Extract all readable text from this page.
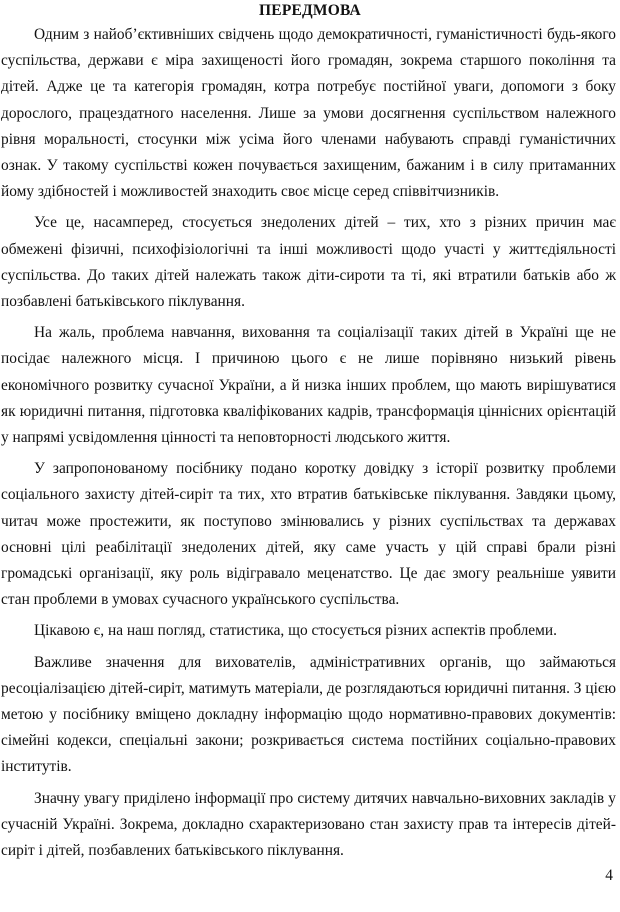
ПЕРЕДМОВА

Одним з найоб’єктивніших свідчень щодо демократичності, гуманістичності будь-якого суспільства, держави є міра захищеності його громадян, зокрема старшого покоління та дітей. Адже це та категорія громадян, котра потребує постійної уваги, допомоги з боку дорослого, працездатного населення. Лише за умови досягнення суспільством належного рівня моральності, стосунки між усіма його членами набувають справді гуманістичних ознак. У такому суспільстві кожен почувається захищеним, бажаним і в силу притаманних йому здібностей і можливостей знаходить своє місце серед співвітчизників.

Усе це, насамперед, стосується знедолених дітей – тих, хто з різних причин має обмежені фізичні, психофізіологічні та інші можливості щодо участі у життєдіяльності суспільства. До таких дітей належать також діти-сироти та ті, які втратили батьків або ж позбавлені батьківського піклування.

На жаль, проблема навчання, виховання та соціалізації таких дітей в Україні ще не посідає належного місця. І причиною цього є не лише порівняно низький рівень економічного розвитку сучасної України, а й низка інших проблем, що мають вирішуватися як юридичні питання, підготовка кваліфікованих кадрів, трансформація ціннісних орієнтацій у напрямі усвідомлення цінності та неповторності людського життя.

У запропонованому посібнику подано коротку довідку з історії розвитку проблеми соціального захисту дітей-сиріт та тих, хто втратив батьківське піклування. Завдяки цьому, читач може простежити, як поступово змінювались у різних суспільствах та державах основні цілі реабілітації знедолених дітей, яку саме участь у цій справі брали різні громадські організації, яку роль відігравало меценатство. Це дає змогу реальніше уявити стан проблеми в умовах сучасного українського суспільства.

Цікавою є, на наш погляд, статистика, що стосується різних аспектів проблеми.

Важливе значення для вихователів, адміністративних органів, що займаються ресоціалізацією дітей-сиріт, матимуть матеріали, де розглядаються юридичні питання. З цією метою у посібнику вміщено докладну інформацію щодо нормативно-правових документів: сімейні кодекси, спеціальні закони; розкривається система постійних соціально-правових інститутів.

Значну увагу приділено інформації про систему дитячих навчально-виховних закладів у сучасній Україні. Зокрема, докладно схарактеризовано стан захисту прав та інтересів дітей-сиріт і дітей, позбавлених батьківського піклування.

4
